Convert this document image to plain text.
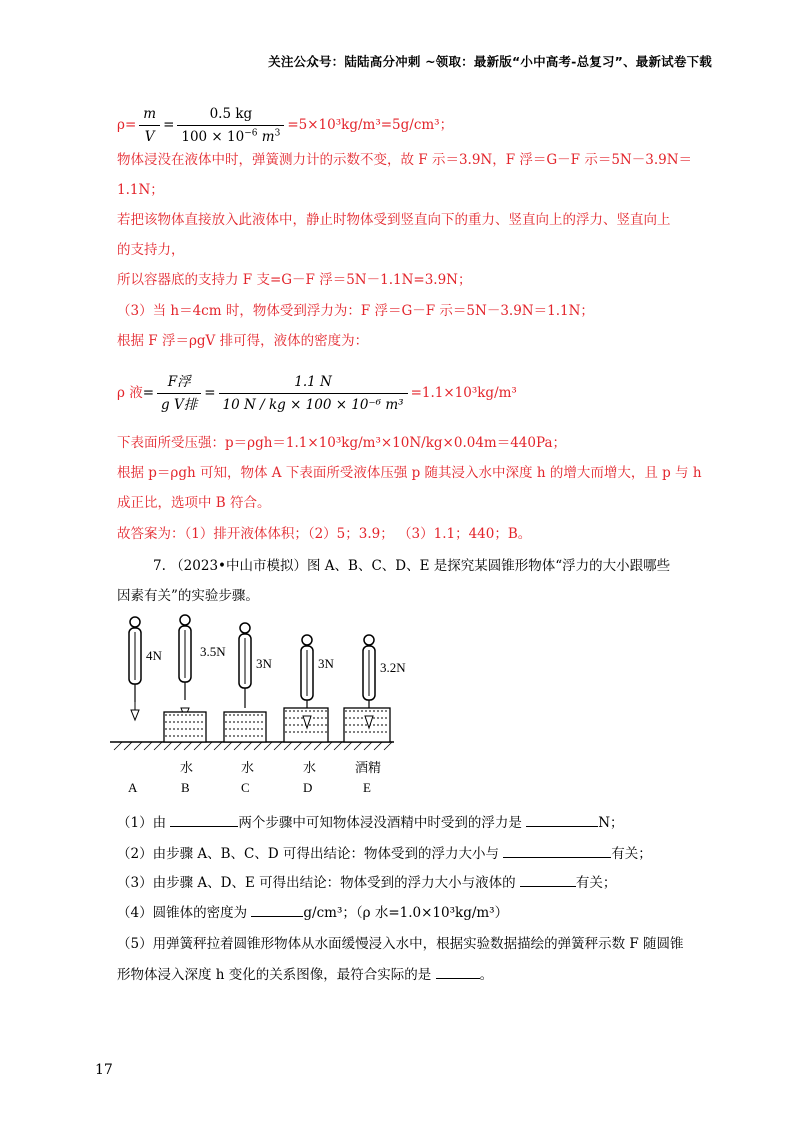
关注公众号：陆陆高分冲刺 ~领取：最新版“小中高考-总复习”、最新试卷下载
$\rho= \frac{m}{V} = \frac{0.5 kg}{100 \times 10^{-6} m^3} =5\times 10^3kg/m^3=5g/cm^3$；
物体浸没在液体中时，弹簧测力计的示数不变，故 F 示＝3.9N，F 浮＝G－F 示＝5N－3.9N＝
1.1N；
若把该物体直接放入此液体中，静止时物体受到竖直向下的重力、竖直向上的浮力、竖直向上
的支持力，
所以容器底的支持力 F 支=G－F 浮＝5N－1.1N=3.9N；
（3）当 h＝4cm 时，物体受到浮力为：F 浮＝G－F 示＝5N－3.9N＝1.1N；
根据 F 浮＝ρgV 排可得，液体的密度为：
ρ 液= $\frac{\text{F浮}}{\text{g V排}} = \frac{1.1 N}{\text{10 N / kg × 100 × 10⁻⁶ m³}} =1.1\times 10^3kg/m^3$
下表面所受压强：p＝ρgh＝1.1×10³kg/m³×10N/kg×0.04m＝440Pa；
根据 p＝ρgh 可知，物体 A 下表面所受液体压强 p 随其浸入水中深度 h 的增大而增大，且 p 与 h
成正比，选项中 B 符合。
故答案为：（1）排开液体体积；（2）5；3.9； （3）1.1；440；B。
7. （2023•中山市模拟）图 A、B、C、D、E 是探究某圆锥形物体“浮力的大小跟哪些
因素有关”的实验步骤。
4N	3.5N
3N	3N	3.2N
水	水	水	酒精
A	B	C	D	E
（1）由	两个步骤中可知物体浸没酒精中时受到的浮力是	N；
（2）由步骤 A、B、C、D 可得出结论：物体受到的浮力大小与	有关；
（3）由步骤 A、D、E 可得出结论：物体受到的浮力大小与液体的	有关；
（4）圆锥体的密度为	g/cm³；（ρ 水=1.0×10³kg/m³）
（5）用弹簧秤拉着圆锥形物体从水面缓慢浸入水中，根据实验数据描绘的弹簧秤示数 F 随圆锥
形物体浸入深度 h 变化的关系图像，最符合实际的是	。
17
